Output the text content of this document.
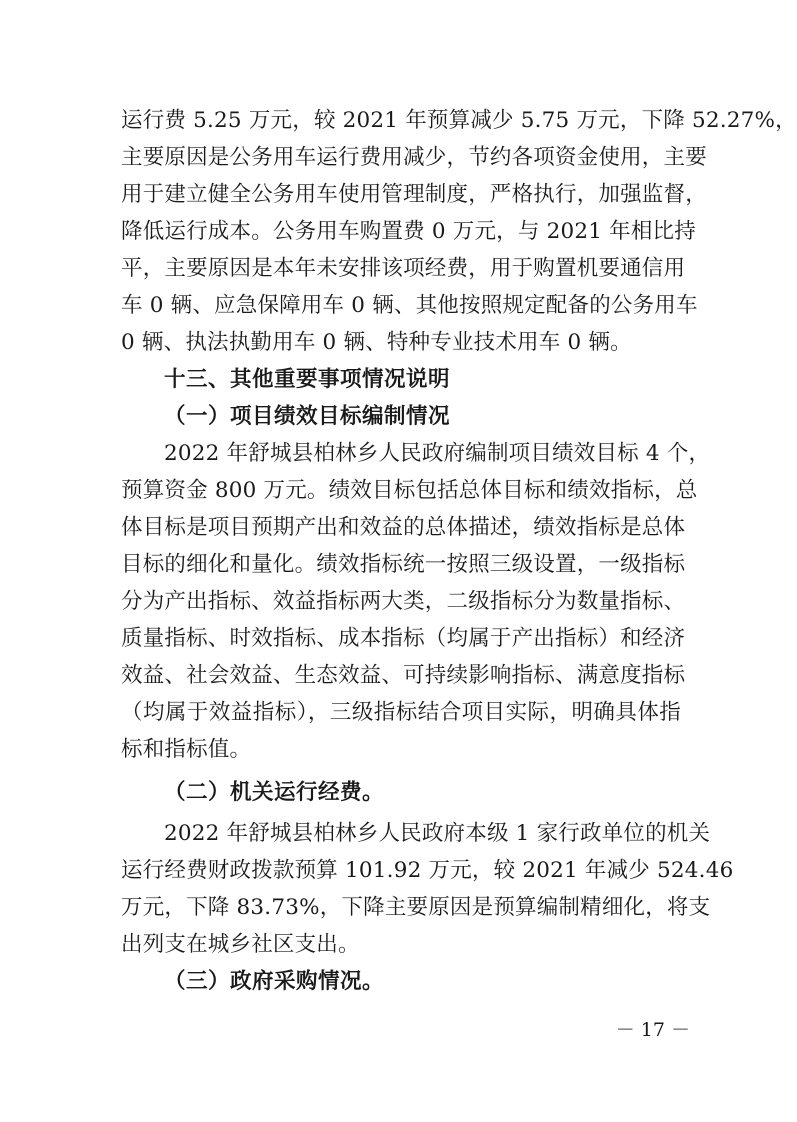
运行费 5.25 万元，较 2021 年预算减少 5.75 万元，下降 52.27%，
主要原因是公务用车运行费用减少，节约各项资金使用，主要
用于建立健全公务用车使用管理制度，严格执行，加强监督，
降低运行成本。公务用车购置费 0 万元，与 2021 年相比持
平，主要原因是本年未安排该项经费，用于购置机要通信用
车 0 辆、应急保障用车 0 辆、其他按照规定配备的公务用车
0 辆、执法执勤用车 0 辆、特种专业技术用车 0 辆。
十三、其他重要事项情况说明
（一）项目绩效目标编制情况
2022 年舒城县柏林乡人民政府编制项目绩效目标 4 个，
预算资金 800 万元。绩效目标包括总体目标和绩效指标，总
体目标是项目预期产出和效益的总体描述，绩效指标是总体
目标的细化和量化。绩效指标统一按照三级设置，一级指标
分为产出指标、效益指标两大类，二级指标分为数量指标、
质量指标、时效指标、成本指标（均属于产出指标）和经济
效益、社会效益、生态效益、可持续影响指标、满意度指标
（均属于效益指标），三级指标结合项目实际，明确具体指
标和指标值。
（二）机关运行经费。
2022 年舒城县柏林乡人民政府本级 1 家行政单位的机关
运行经费财政拨款预算 101.92 万元，较 2021 年减少 524.46
万元，下降 83.73%，下降主要原因是预算编制精细化，将支
出列支在城乡社区支出。
（三）政府采购情况。
－ 17 －
